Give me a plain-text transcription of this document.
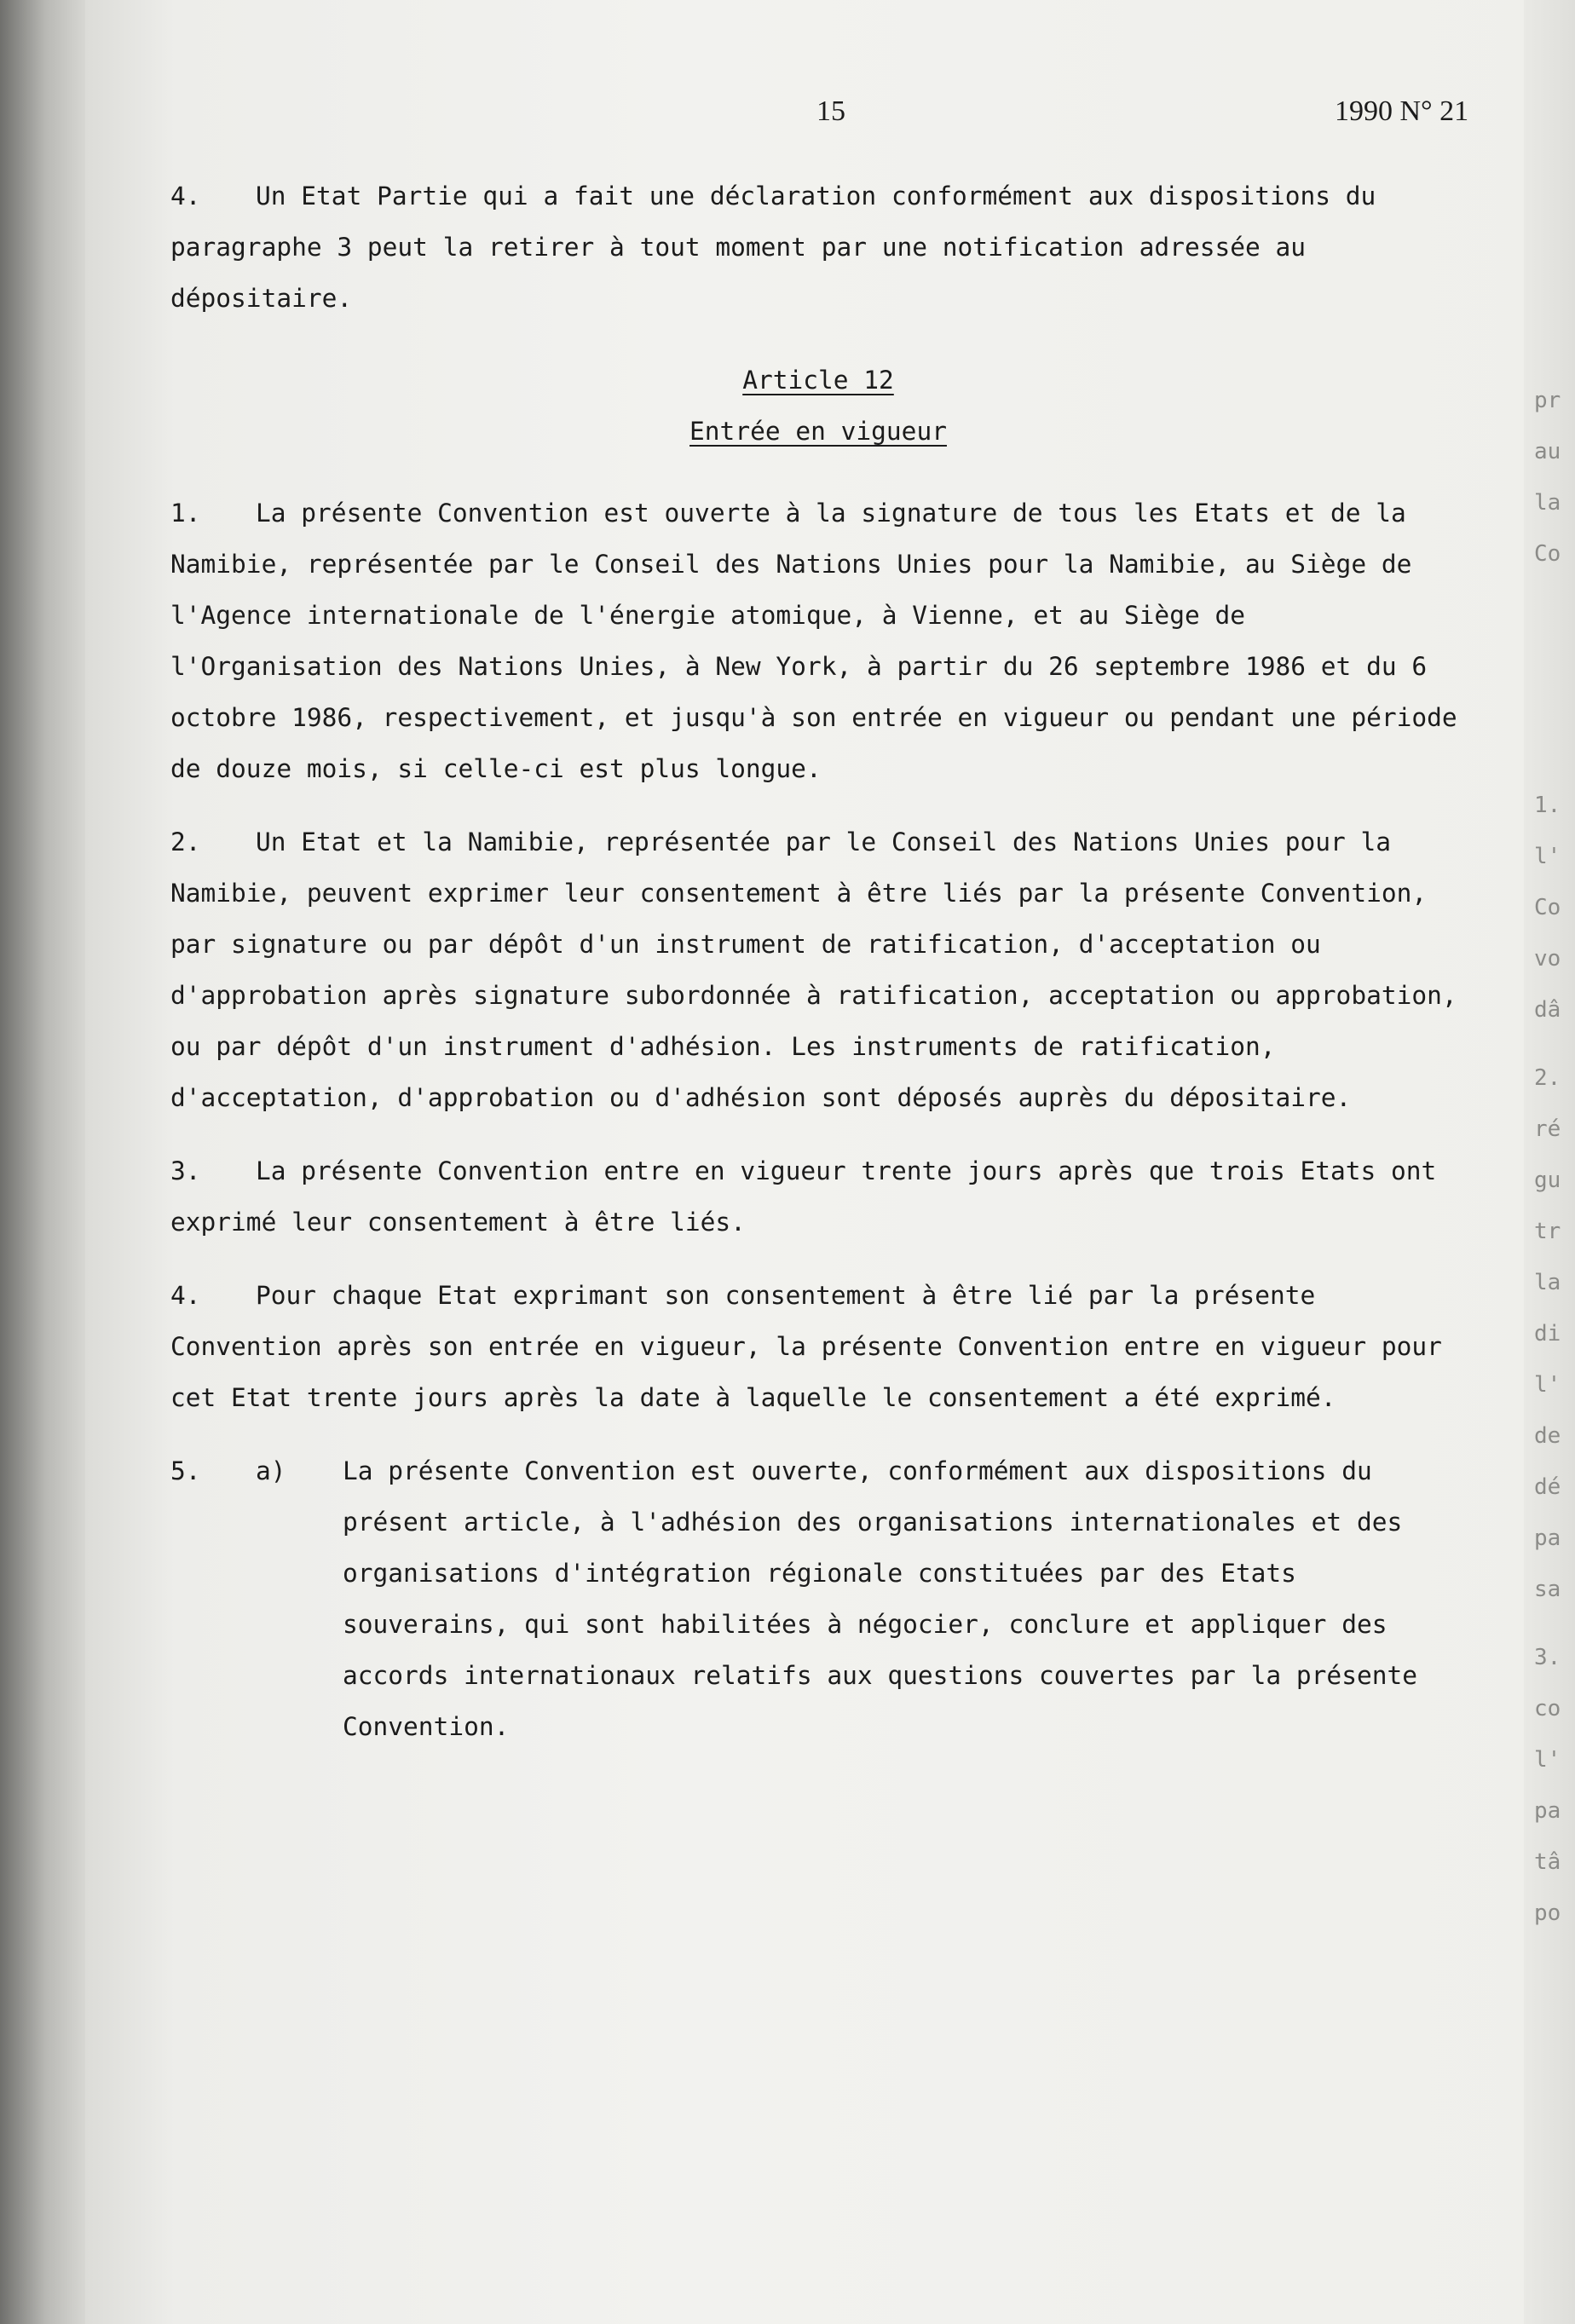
pr
au
la
Co
1.
l'
Co
vo
dâ
2.
ré
gu
tr
la
di
l'
de
dé
pa
sa
3.
co
l'
pa
tâ
po
15	1990 N° 21
4.	Un Etat Partie qui a fait une déclaration conformément aux dispositions du paragraphe 3 peut la retirer à tout moment par une notification adressée au dépositaire.
Article 12
Entrée en vigueur
1.	La présente Convention est ouverte à la signature de tous les Etats et de la Namibie, représentée par le Conseil des Nations Unies pour la Namibie, au Siège de l'Agence internationale de l'énergie atomique, à Vienne, et au Siège de l'Organisation des Nations Unies, à New York, à partir du 26 septembre 1986 et du 6 octobre 1986, respectivement, et jusqu'à son entrée en vigueur ou pendant une période de douze mois, si celle-ci est plus longue.
2.	Un Etat et la Namibie, représentée par le Conseil des Nations Unies pour la Namibie, peuvent exprimer leur consentement à être liés par la présente Convention, par signature ou par dépôt d'un instrument de ratification, d'acceptation ou d'approbation après signature subordonnée à ratification, acceptation ou approbation, ou par dépôt d'un instrument d'adhésion. Les instruments de ratification, d'acceptation, d'approbation ou d'adhésion sont déposés auprès du dépositaire.
3.	La présente Convention entre en vigueur trente jours après que trois Etats ont exprimé leur consentement à être liés.
4.	Pour chaque Etat exprimant son consentement à être lié par la présente Convention après son entrée en vigueur, la présente Convention entre en vigueur pour cet Etat trente jours après la date à laquelle le consentement a été exprimé.
5. a) La présente Convention est ouverte, conformément aux dispositions du présent article, à l'adhésion des organisations internationales et des organisations d'intégration régionale constituées par des Etats souverains, qui sont habilitées à négocier, conclure et appliquer des accords internationaux relatifs aux questions couvertes par la présente Convention.
